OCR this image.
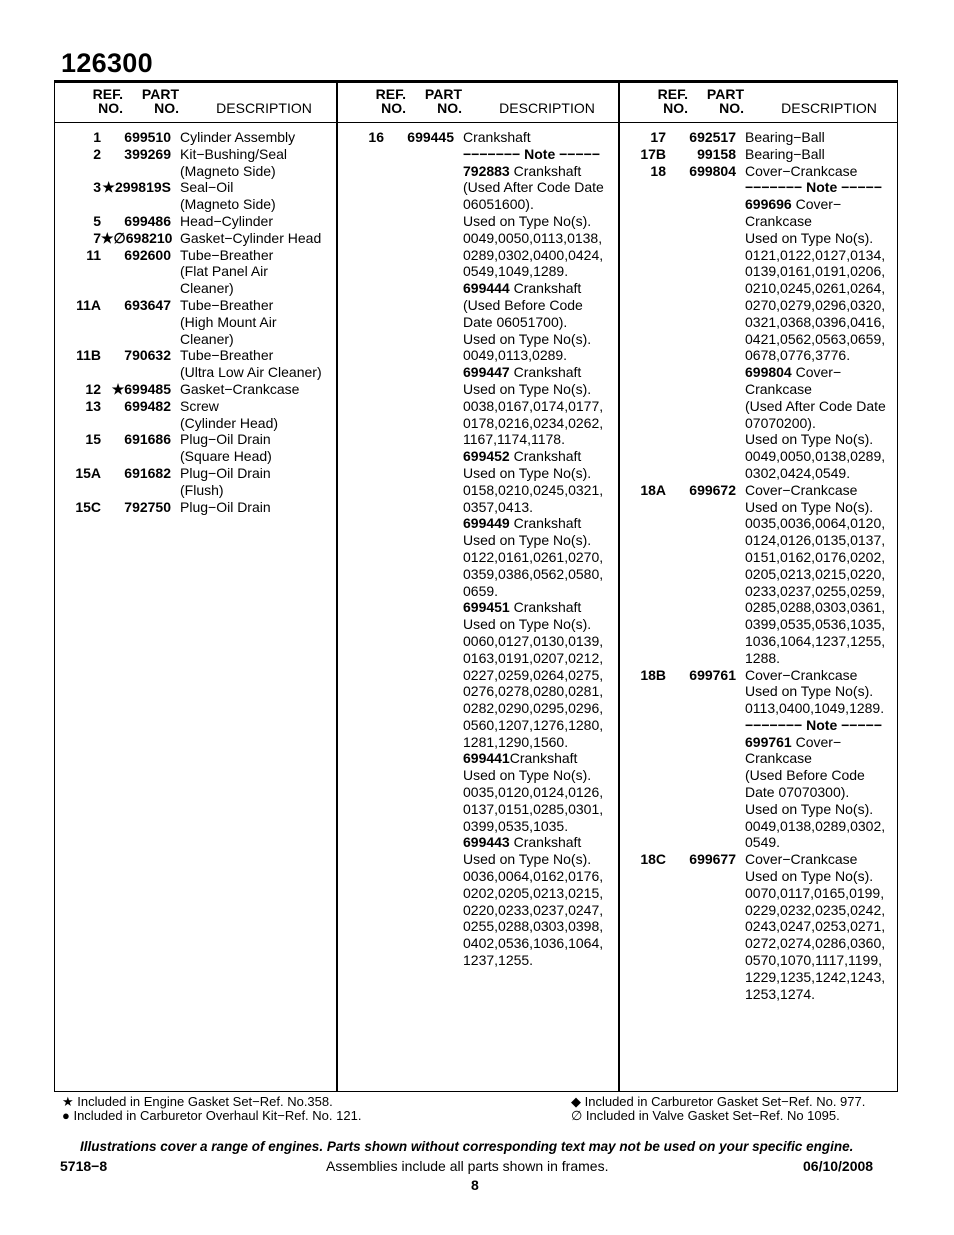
126300
REF.
NO.
PART
NO.	DESCRIPTION
1	699510 Cylinder Assembly
2	399269 Kit−Bushing/Seal
(Magneto Side)
3 ★299819S Seal−Oil
(Magneto Side)
5	699486 Head−Cylinder
7 ★∅698210 Gasket−Cylinder Head
11	692600 Tube−Breather
(Flat Panel Air
Cleaner)
11A	693647 Tube−Breather
(High Mount Air
Cleaner)
11B	790632 Tube−Breather
(Ultra Low Air Cleaner)
12 ★699485 Gasket−Crankcase
13	699482 Screw
(Cylinder Head)
15	691686 Plug−Oil Drain
(Square Head)
15A	691682 Plug−Oil Drain
(Flush)
15C	792750 Plug−Oil Drain
REF.
NO.
PART
NO.	DESCRIPTION
16	699445 Crankshaft
−−−−−−− Note −−−−−
792883 Crankshaft
(Used After Code Date
06051600).
Used on Type No(s).
0049,0050,0113,0138,
0289,0302,0400,0424,
0549,1049,1289.
699444 Crankshaft
(Used Before Code
Date 06051700).
Used on Type No(s).
0049,0113,0289.
699447 Crankshaft
Used on Type No(s).
0038,0167,0174,0177,
0178,0216,0234,0262,
1167,1174,1178.
699452 Crankshaft
Used on Type No(s).
0158,0210,0245,0321,
0357,0413.
699449 Crankshaft
Used on Type No(s).
0122,0161,0261,0270,
0359,0386,0562,0580,
0659.
699451 Crankshaft
Used on Type No(s).
0060,0127,0130,0139,
0163,0191,0207,0212,
0227,0259,0264,0275,
0276,0278,0280,0281,
0282,0290,0295,0296,
0560,1207,1276,1280,
1281,1290,1560.
699441Crankshaft
Used on Type No(s).
0035,0120,0124,0126,
0137,0151,0285,0301,
0399,0535,1035.
699443 Crankshaft
Used on Type No(s).
0036,0064,0162,0176,
0202,0205,0213,0215,
0220,0233,0237,0247,
0255,0288,0303,0398,
0402,0536,1036,1064,
1237,1255.
REF.
NO.
PART
NO.	DESCRIPTION
17	692517 Bearing−Ball
17B	99158 Bearing−Ball
18	699804 Cover−Crankcase
−−−−−−− Note −−−−−
699696 Cover−
Crankcase
Used on Type No(s).
0121,0122,0127,0134,
0139,0161,0191,0206,
0210,0245,0261,0264,
0270,0279,0296,0320,
0321,0368,0396,0416,
0421,0562,0563,0659,
0678,0776,3776.
699804 Cover−
Crankcase
(Used After Code Date
07070200).
Used on Type No(s).
0049,0050,0138,0289,
0302,0424,0549.
18A	699672 Cover−Crankcase
Used on Type No(s).
0035,0036,0064,0120,
0124,0126,0135,0137,
0151,0162,0176,0202,
0205,0213,0215,0220,
0233,0237,0255,0259,
0285,0288,0303,0361,
0399,0535,0536,1035,
1036,1064,1237,1255,
1288.
18B	699761 Cover−Crankcase
Used on Type No(s).
0113,0400,1049,1289.
−−−−−−− Note −−−−−
699761 Cover−
Crankcase
(Used Before Code
Date 07070300).
Used on Type No(s).
0049,0138,0289,0302,
0549.
18C	699677 Cover−Crankcase
Used on Type No(s).
0070,0117,0165,0199,
0229,0232,0235,0242,
0243,0247,0253,0271,
0272,0274,0286,0360,
0570,1070,1117,1199,
1229,1235,1242,1243,
1253,1274.
★ Included in Engine Gasket Set−Ref. No.358.
● Included in Carburetor Overhaul Kit−Ref. No. 121.
◆ Included in Carburetor Gasket Set−Ref. No. 977.
∅ Included in Valve Gasket Set−Ref. No 1095.
Illustrations cover a range of engines. Parts shown without corresponding text may not be used on your specific engine.
5718−8	Assemblies include all parts shown in frames.	06/10/2008
8
